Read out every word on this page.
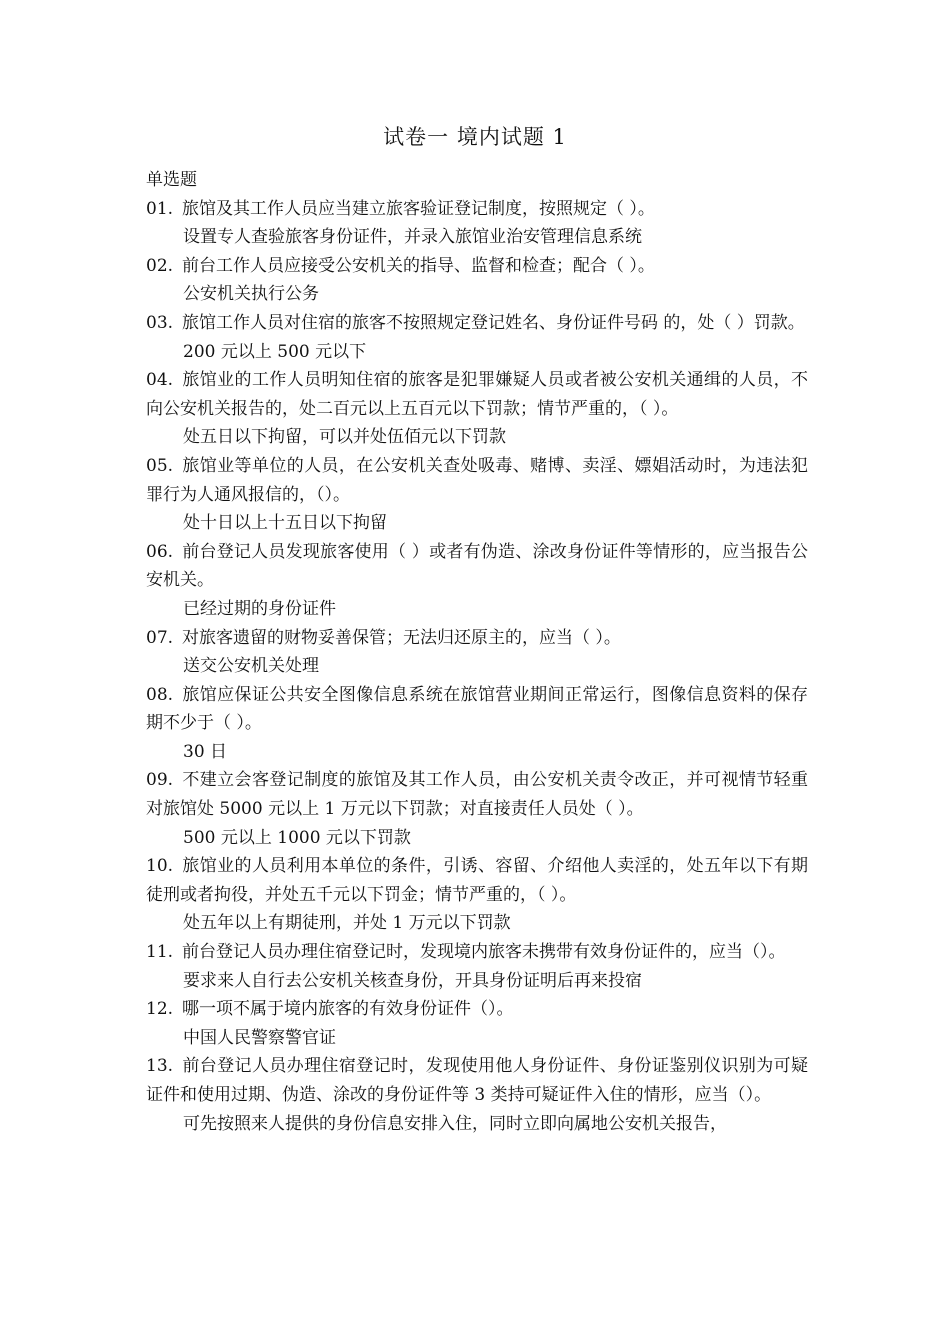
试卷一 境内试题 1

单选题

01. 旅馆及其工作人员应当建立旅客验证登记制度，按照规定（ ）。

设置专人查验旅客身份证件，并录入旅馆业治安管理信息系统

02. 前台工作人员应接受公安机关的指导、监督和检查；配合（ ）。

公安机关执行公务

03. 旅馆工作人员对住宿的旅客不按照规定登记姓名、身份证件号码 的，处（ ）罚款。

200 元以上 500 元以下

04. 旅馆业的工作人员明知住宿的旅客是犯罪嫌疑人员或者被公安机关通缉的人员，不向公安机关报告的，处二百元以上五百元以下罚款；情节严重的，（ ）。

处五日以下拘留，可以并处伍佰元以下罚款

05. 旅馆业等单位的人员，在公安机关查处吸毒、赌博、卖淫、嫖娼活动时，为违法犯罪行为人通风报信的，（）。

处十日以上十五日以下拘留

06. 前台登记人员发现旅客使用（ ）或者有伪造、涂改身份证件等情形的，应当报告公安机关。

已经过期的身份证件

07. 对旅客遗留的财物妥善保管；无法归还原主的，应当（ ）。

送交公安机关处理

08. 旅馆应保证公共安全图像信息系统在旅馆营业期间正常运行，图像信息资料的保存期不少于（ ）。

30 日

09. 不建立会客登记制度的旅馆及其工作人员，由公安机关责令改正，并可视情节轻重对旅馆处 5000 元以上 1 万元以下罚款；对直接责任人员处（ ）。

500 元以上 1000 元以下罚款

10. 旅馆业的人员利用本单位的条件，引诱、容留、介绍他人卖淫的，处五年以下有期徒刑或者拘役，并处五千元以下罚金；情节严重的，（ ）。

处五年以上有期徒刑，并处 1 万元以下罚款

11. 前台登记人员办理住宿登记时，发现境内旅客未携带有效身份证件的，应当（）。

要求来人自行去公安机关核查身份，开具身份证明后再来投宿

12. 哪一项不属于境内旅客的有效身份证件（）。

中国人民警察警官证

13. 前台登记人员办理住宿登记时，发现使用他人身份证件、身份证鉴别仪识别为可疑证件和使用过期、伪造、涂改的身份证件等 3 类持可疑证件入住的情形，应当（）。

可先按照来人提供的身份信息安排入住，同时立即向属地公安机关报告，
